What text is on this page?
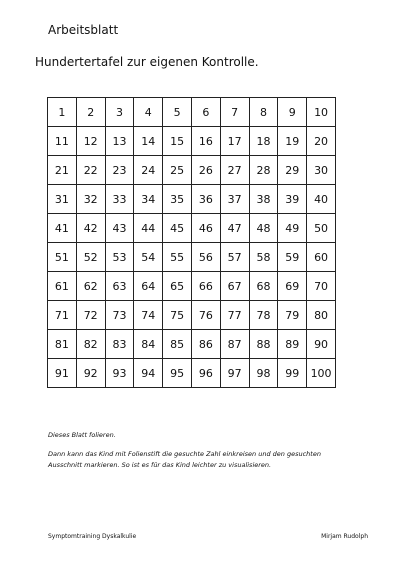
Arbeitsblatt
Hundertertafel zur eigenen Kontrolle.
1	2	3	4	5	6	7	8	9	10
11	12	13	14	15	16	17	18	19	20
21	22	23	24	25	26	27	28	29	30
31	32	33	34	35	36	37	38	39	40
41	42	43	44	45	46	47	48	49	50
51	52	53	54	55	56	57	58	59	60
61	62	63	64	65	66	67	68	69	70
71	72	73	74	75	76	77	78	79	80
81	82	83	84	85	86	87	88	89	90
91	92	93	94	95	96	97	98	99	100
Dieses Blatt folieren.
Dann kann das Kind mit Folienstift die gesuchte Zahl einkreisen und den gesuchten Ausschnitt markieren. So ist es für das Kind leichter zu visualisieren.
Symptomtraining Dyskalkulie	Mirjam Rudolph
